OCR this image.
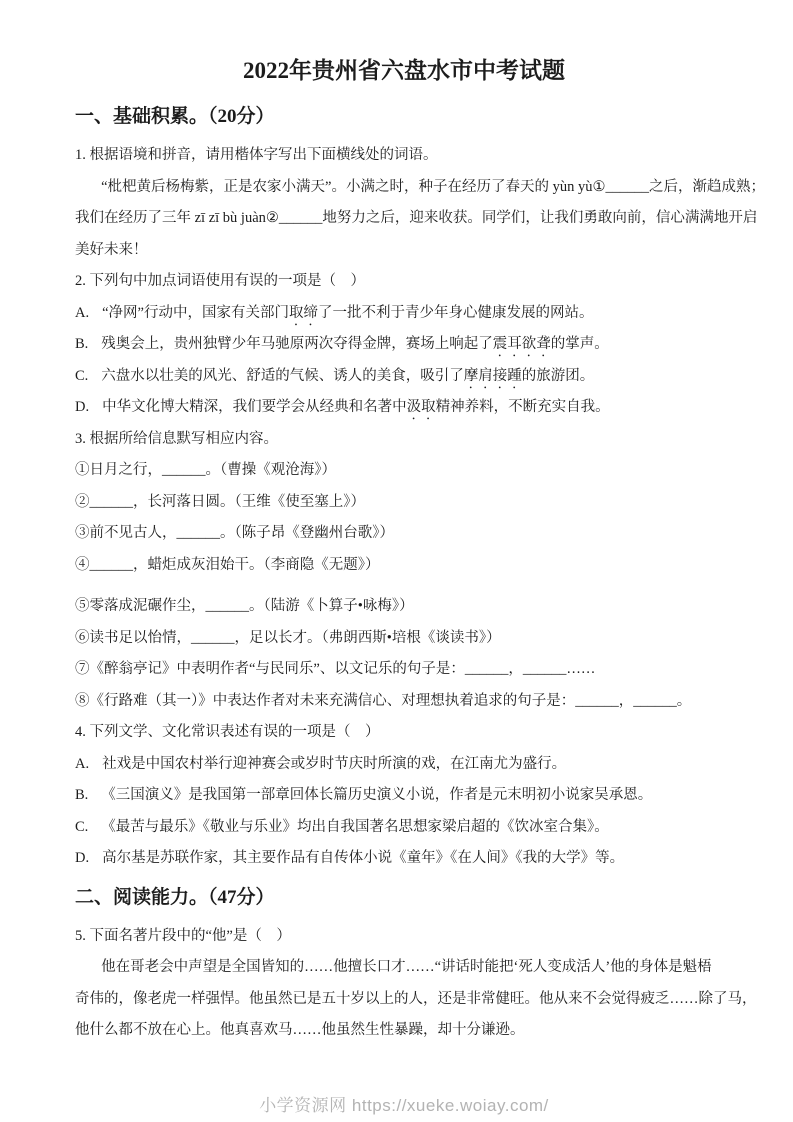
2022年贵州省六盘水市中考试题
一、基础积累。（20分）

1. 根据语境和拼音，请用楷体字写出下面横线处的词语。

“枇杷黄后杨梅紫，正是农家小满天”。小满之时，种子在经历了春天的 yùn yù①______之后，渐趋成熟；

我们在经历了三年 zī zī bù juàn②______地努力之后，迎来收获。同学们，让我们勇敢向前，信心满满地开启

美好未来！

2. 下列句中加点词语使用有误的一项是（　）

A. “净网”行动中，国家有关部门取缔了一批不利于青少年身心健康发展的网站。

B. 残奥会上，贵州独臂少年马驰原两次夺得金牌，赛场上响起了震耳欲聋的掌声。

C. 六盘水以壮美的风光、舒适的气候、诱人的美食，吸引了摩肩接踵的旅游团。

D. 中华文化博大精深，我们要学会从经典和名著中汲取精神养料，不断充实自我。

3. 根据所给信息默写相应内容。

①日月之行，______。（曹操《观沧海》）

②______，长河落日圆。（王维《使至塞上》）

③前不见古人，______。（陈子昂《登幽州台歌》）

④______，蜡炬成灰泪始干。（李商隐《无题》）

⑤零落成泥碾作尘，______。（陆游《卜算子•咏梅》）

⑥读书足以怡情，______，足以长才。（弗朗西斯•培根《谈读书》）

⑦《醉翁亭记》中表明作者“与民同乐”、以文记乐的句子是：______，______……

⑧《行路难（其一）》中表达作者对未来充满信心、对理想执着追求的句子是：______，______。

4. 下列文学、文化常识表述有误的一项是（　）

A. 社戏是中国农村举行迎神赛会或岁时节庆时所演的戏，在江南尤为盛行。

B. 《三国演义》是我国第一部章回体长篇历史演义小说，作者是元末明初小说家吴承恩。

C. 《最苦与最乐》《敬业与乐业》均出自我国著名思想家梁启超的《饮冰室合集》。

D. 高尔基是苏联作家，其主要作品有自传体小说《童年》《在人间》《我的大学》等。

二、阅读能力。（47分）

5. 下面名著片段中的“他”是（　）

他在哥老会中声望是全国皆知的……他擅长口才……“讲话时能把‘死人变成活人’他的身体是魁梧

奇伟的，像老虎一样强悍。他虽然已是五十岁以上的人，还是非常健旺。他从来不会觉得疲乏……除了马，

他什么都不放在心上。他真喜欢马……他虽然生性暴躁，却十分谦逊。

小学资源网 https://xueke.woiay.com/
